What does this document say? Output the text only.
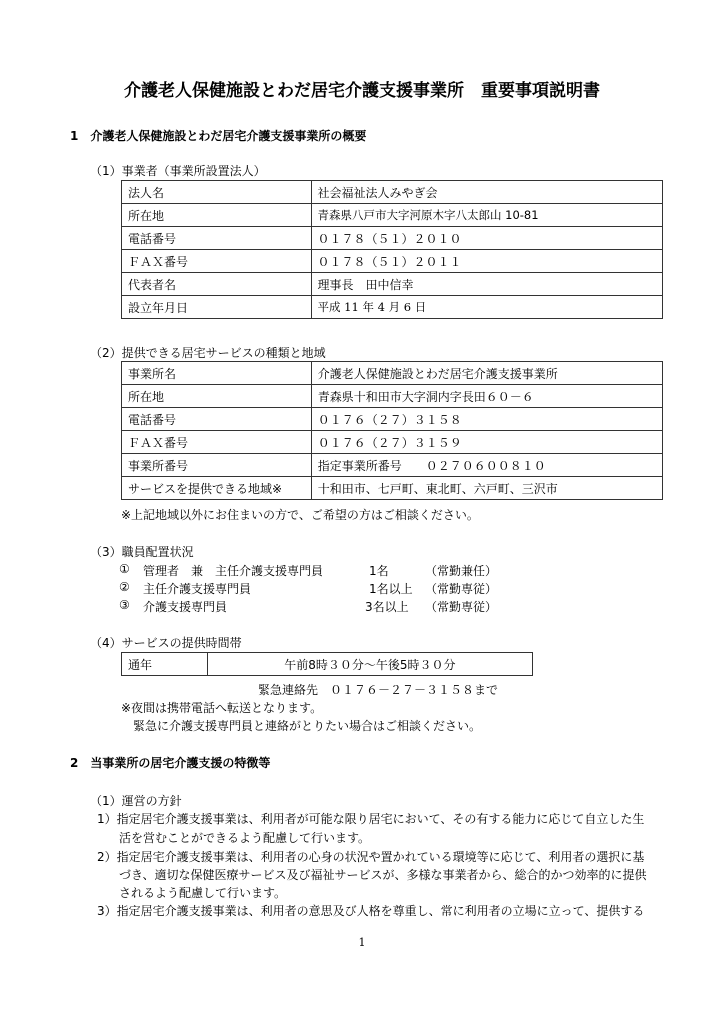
介護老人保健施設とわだ居宅介護支援事業所　重要事項説明書
1　介護老人保健施設とわだ居宅介護支援事業所の概要
（1）事業者（事業所設置法人）
法人名	社会福祉法人みやぎ会
所在地	青森県八戸市大字河原木字八太郎山 10-81
電話番号	０１７８（５１）２０１０
ＦＡＸ番号	０１７８（５１）２０１１
代表者名	理事長　田中信幸
設立年月日	平成 11 年 4 月 6 日
（2）提供できる居宅サービスの種類と地域
事業所名	介護老人保健施設とわだ居宅介護支援事業所
所在地	青森県十和田市大字洞内字長田６０－６
電話番号	０１７６（２７）３１５８
ＦＡＸ番号	０１７６（２７）３１５９
事業所番号	指定事業所番号　　０２７０６００８１０
サービスを提供できる地域※	十和田市、七戸町、東北町、六戸町、三沢市
※上記地域以外にお住まいの方で、ご希望の方はご相談ください。
（3）職員配置状況
① 管理者　兼　主任介護支援専門員	1名	（常勤兼任）
② 主任介護支援専門員	1名以上 （常勤専従）
③ 介護支援専門員	3名以上 （常勤専従）
（4）サービスの提供時間帯
通年	午前8時３０分～午後5時３０分
緊急連絡先　０１７６－２７－３１５８まで
※夜間は携帯電話へ転送となります。
緊急に介護支援専門員と連絡がとりたい場合はご相談ください。
2　当事業所の居宅介護支援の特徴等
（1）運営の方針
1）指定居宅介護支援事業は、利用者が可能な限り居宅において、その有する能力に応じて自立した生
活を営むことができるよう配慮して行います。
2）指定居宅介護支援事業は、利用者の心身の状況や置かれている環境等に応じて、利用者の選択に基
づき、適切な保健医療サービス及び福祉サービスが、多様な事業者から、総合的かつ効率的に提供
されるよう配慮して行います。
3）指定居宅介護支援事業は、利用者の意思及び人格を尊重し、常に利用者の立場に立って、提供する
1
